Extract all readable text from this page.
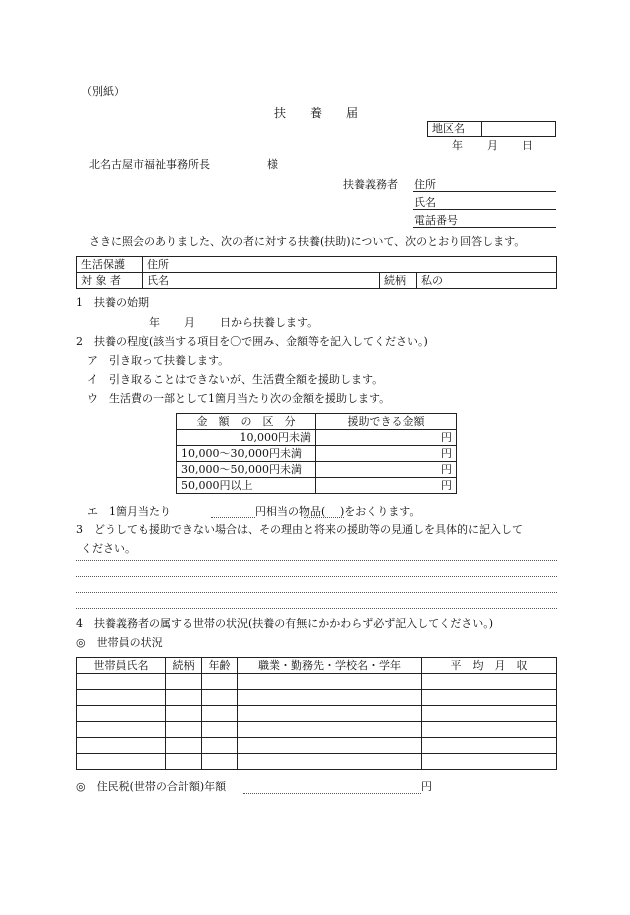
（別紙）
扶　　養　　届
地区名
年 月 日
北名古屋市福祉事務所長	様
扶養義務者 住所
氏名
電話番号
さきに照会のありました、次の者に対する扶養(扶助)について、次のとおり回答します。
生活保護	住所		
対 象 者	氏名	続柄	私の
1　扶養の始期
年 月 日から扶養します。
2　扶養の程度(該当する項目を〇で囲み、金額等を記入してください。)
ア　引き取って扶養します。
イ　引き取ることはできないが、生活費全額を援助します。
ウ　生活費の一部として1箇月当たり次の金額を援助します。
金　額　の　区　分	援助できる金額
10,000円未満	円
10,000～30,000円未満	円
30,000～50,000円未満	円
50,000円以上	円
エ　1箇月当たり	円相当の物品( )をおくります。
3　どうしても援助できない場合は、その理由と将来の援助等の見通しを具体的に記入して
ください。
4　扶養義務者の属する世帯の状況(扶養の有無にかかわらず必ず記入してください。)
◎　世帯員の状況
世帯員氏名	続柄	年齢	職業・勤務先・学校名・学年	平　均　月　収

◎　住民税(世帯の合計額)年額	円
